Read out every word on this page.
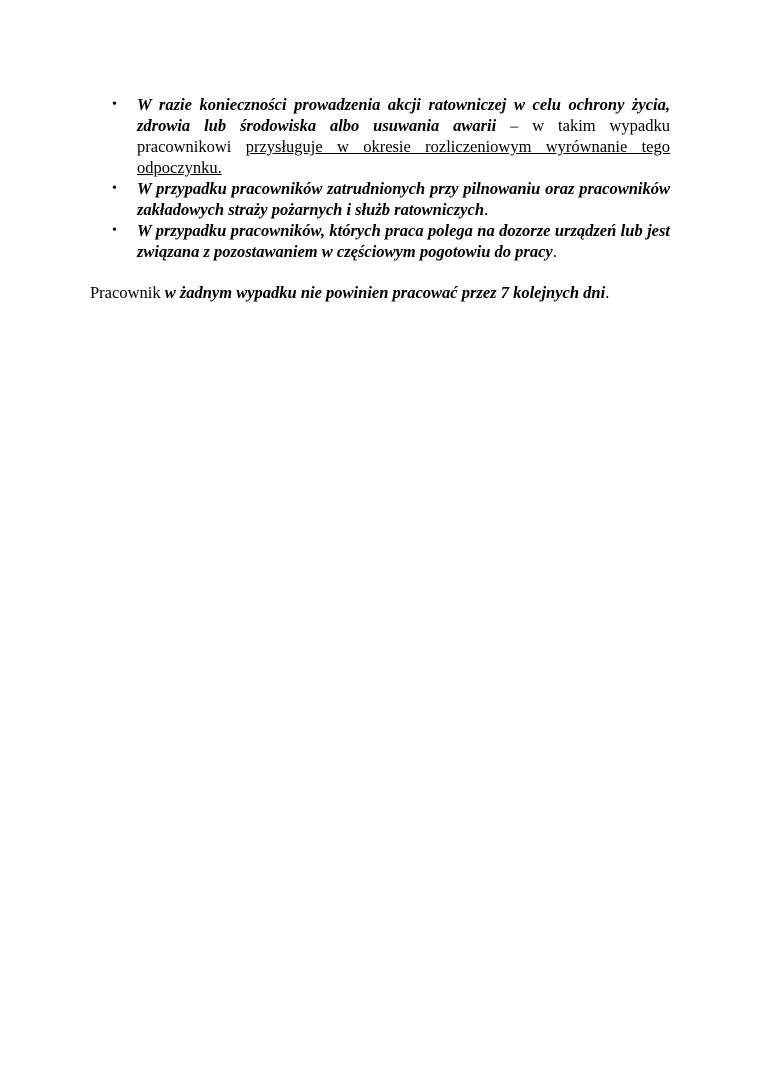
• W razie konieczności prowadzenia akcji ratowniczej w celu ochrony życia, zdrowia lub środowiska albo usuwania awarii – w takim wypadku pracownikowi przysługuje w okresie rozliczeniowym wyrównanie tego odpoczynku.
• W przypadku pracowników zatrudnionych przy pilnowaniu oraz pracowników zakładowych straży pożarnych i służb ratowniczych.
• W przypadku pracowników, których praca polega na dozorze urządzeń lub jest związana z pozostawaniem w częściowym pogotowiu do pracy.

Pracownik w żadnym wypadku nie powinien pracować przez 7 kolejnych dni.
